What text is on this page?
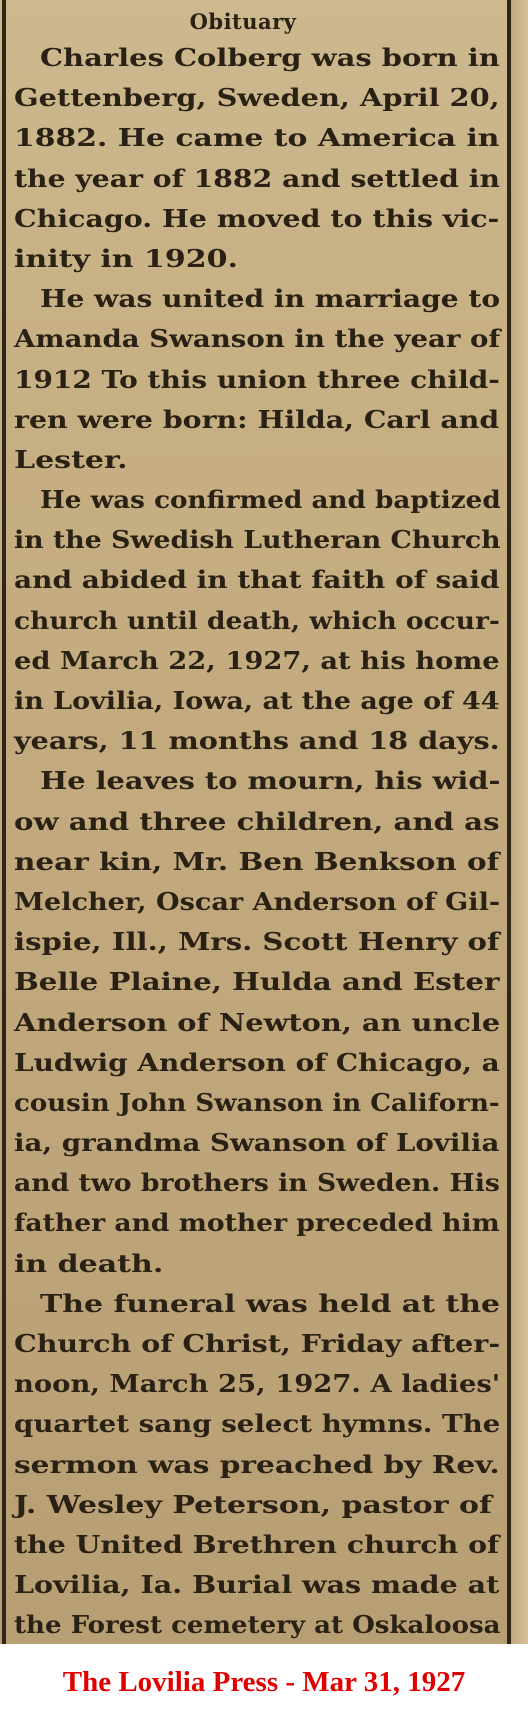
Obituary
Charles Colberg was born in
Gettenberg, Sweden, April 20,
1882. He came to America in
the year of 1882 and settled in
Chicago. He moved to this vic-
inity in 1920.
He was united in marriage to
Amanda Swanson in the year of
1912 To this union three child-
ren were born: Hilda, Carl and
Lester.
He was confirmed and baptized
in the Swedish Lutheran Church
and abided in that faith of said
church until death, which occur-
ed March 22, 1927, at his home
in Lovilia, Iowa, at the age of 44
years, 11 months and 18 days.
He leaves to mourn, his wid-
ow and three children, and as
near kin, Mr. Ben Benkson of
Melcher, Oscar Anderson of Gil-
ispie, Ill., Mrs. Scott Henry of
Belle Plaine, Hulda and Ester
Anderson of Newton, an uncle
Ludwig Anderson of Chicago, a
cousin John Swanson in Californ-
ia, grandma Swanson of Lovilia
and two brothers in Sweden. His
father and mother preceded him
in death.
The funeral was held at the
Church of Christ, Friday after-
noon, March 25, 1927. A ladies'
quartet sang select hymns. The
sermon was preached by Rev.
J. Wesley Peterson, pastor of
the United Brethren church of
Lovilia, Ia. Burial was made at
the Forest cemetery at Oskaloosa
The Lovilia Press - Mar 31, 1927
